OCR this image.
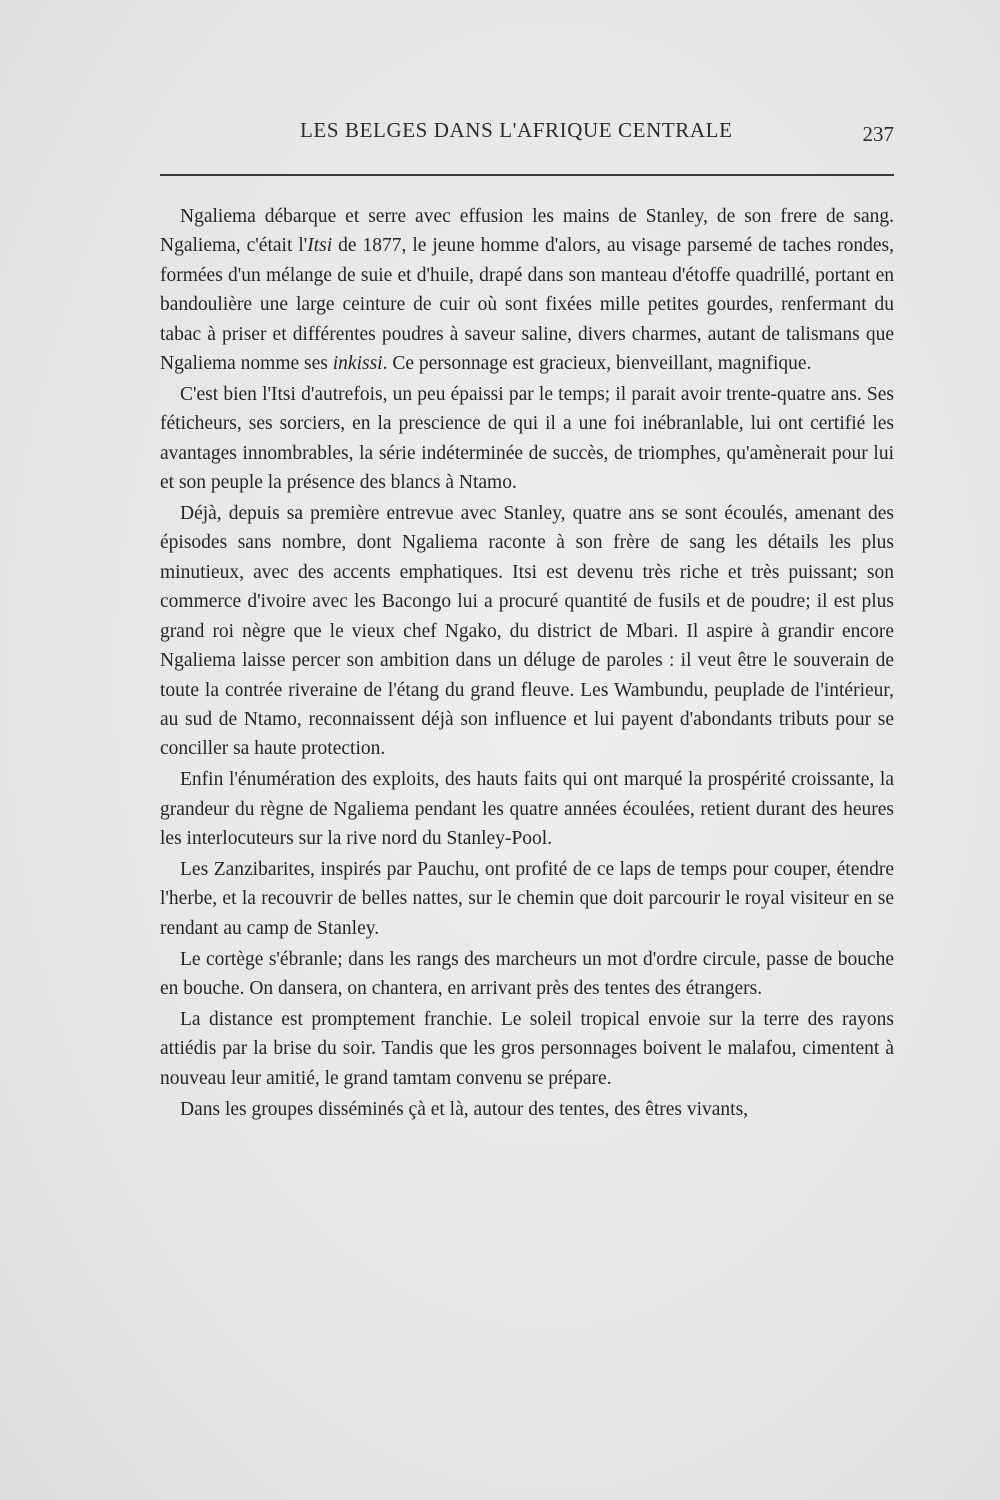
LES BELGES DANS L'AFRIQUE CENTRALE	237

Ngaliema débarque et serre avec effusion les mains de Stanley, de son frere de sang. Ngaliema, c'était l'Itsi de 1877, le jeune homme d'alors, au visage parsemé de taches rondes, formées d'un mélange de suie et d'huile, drapé dans son manteau d'étoffe quadrillé, portant en bandoulière une large ceinture de cuir où sont fixées mille petites gourdes, renfermant du tabac à priser et différentes poudres à saveur saline, divers charmes, autant de talismans que Ngaliema nomme ses inkissi. Ce personnage est gracieux, bienveillant, magnifique.

C'est bien l'Itsi d'autrefois, un peu épaissi par le temps; il parait avoir trente-quatre ans. Ses féticheurs, ses sorciers, en la prescience de qui il a une foi inébranlable, lui ont certifié les avantages innombrables, la série indéterminée de succès, de triomphes, qu'amènerait pour lui et son peuple la présence des blancs à Ntamo.

Déjà, depuis sa première entrevue avec Stanley, quatre ans se sont écoulés, amenant des épisodes sans nombre, dont Ngaliema raconte à son frère de sang les détails les plus minutieux, avec des accents emphatiques. Itsi est devenu très riche et très puissant; son commerce d'ivoire avec les Bacongo lui a procuré quantité de fusils et de poudre; il est plus grand roi nègre que le vieux chef Ngako, du district de Mbari. Il aspire à grandir encore Ngaliema laisse percer son ambition dans un déluge de paroles : il veut être le souverain de toute la contrée riveraine de l'étang du grand fleuve. Les Wambundu, peuplade de l'intérieur, au sud de Ntamo, reconnaissent déjà son influence et lui payent d'abondants tributs pour se conciller sa haute protection.

Enfin l'énumération des exploits, des hauts faits qui ont marqué la prospérité croissante, la grandeur du règne de Ngaliema pendant les quatre années écoulées, retient durant des heures les interlocuteurs sur la rive nord du Stanley-Pool.

Les Zanzibarites, inspirés par Pauchu, ont profité de ce laps de temps pour couper, étendre l'herbe, et la recouvrir de belles nattes, sur le chemin que doit parcourir le royal visiteur en se rendant au camp de Stanley.

Le cortège s'ébranle; dans les rangs des marcheurs un mot d'ordre circule, passe de bouche en bouche. On dansera, on chantera, en arrivant près des tentes des étrangers.

La distance est promptement franchie. Le soleil tropical envoie sur la terre des rayons attiédis par la brise du soir. Tandis que les gros personnages boivent le malafou, cimentent à nouveau leur amitié, le grand tamtam convenu se prépare.

Dans les groupes disséminés çà et là, autour des tentes, des êtres vivants,
